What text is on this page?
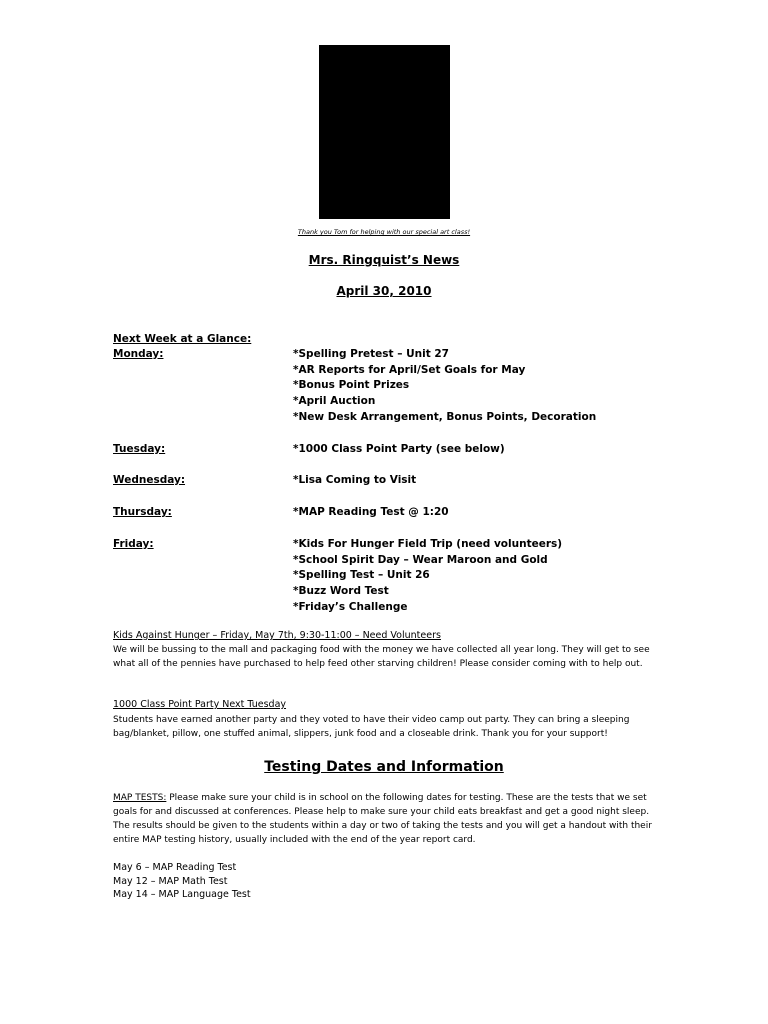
Thank you Tom for helping with our special art class!
Mrs. Ringquist’s News
April 30, 2010
Next Week at a Glance:
Monday:	*Spelling Pretest – Unit 27
*AR Reports for April/Set Goals for May
*Bonus Point Prizes
*April Auction
*New Desk Arrangement, Bonus Points, Decoration
Tuesday:	*1000 Class Point Party (see below)
Wednesday:	*Lisa Coming to Visit
Thursday:	*MAP Reading Test @ 1:20
Friday:	*Kids For Hunger Field Trip (need volunteers)
*School Spirit Day – Wear Maroon and Gold
*Spelling Test – Unit 26
*Buzz Word Test
*Friday’s Challenge
Kids Against Hunger – Friday, May 7th, 9:30-11:00 – Need Volunteers

We will be bussing to the mall and packaging food with the money we have collected all year long. They will get to see what all of the pennies have purchased to help feed other starving children! Please consider coming with to help out.

1000 Class Point Party Next Tuesday

Students have earned another party and they voted to have their video camp out party. They can bring a sleeping bag/blanket, pillow, one stuffed animal, slippers, junk food and a closeable drink. Thank you for your support!

Testing Dates and Information

MAP TESTS: Please make sure your child is in school on the following dates for testing. These are the tests that we set goals for and discussed at conferences. Please help to make sure your child eats breakfast and get a good night sleep. The results should be given to the students within a day or two of taking the tests and you will get a handout with their entire MAP testing history, usually included with the end of the year report card.

May 6 – MAP Reading Test
May 12 – MAP Math Test
May 14 – MAP Language Test
